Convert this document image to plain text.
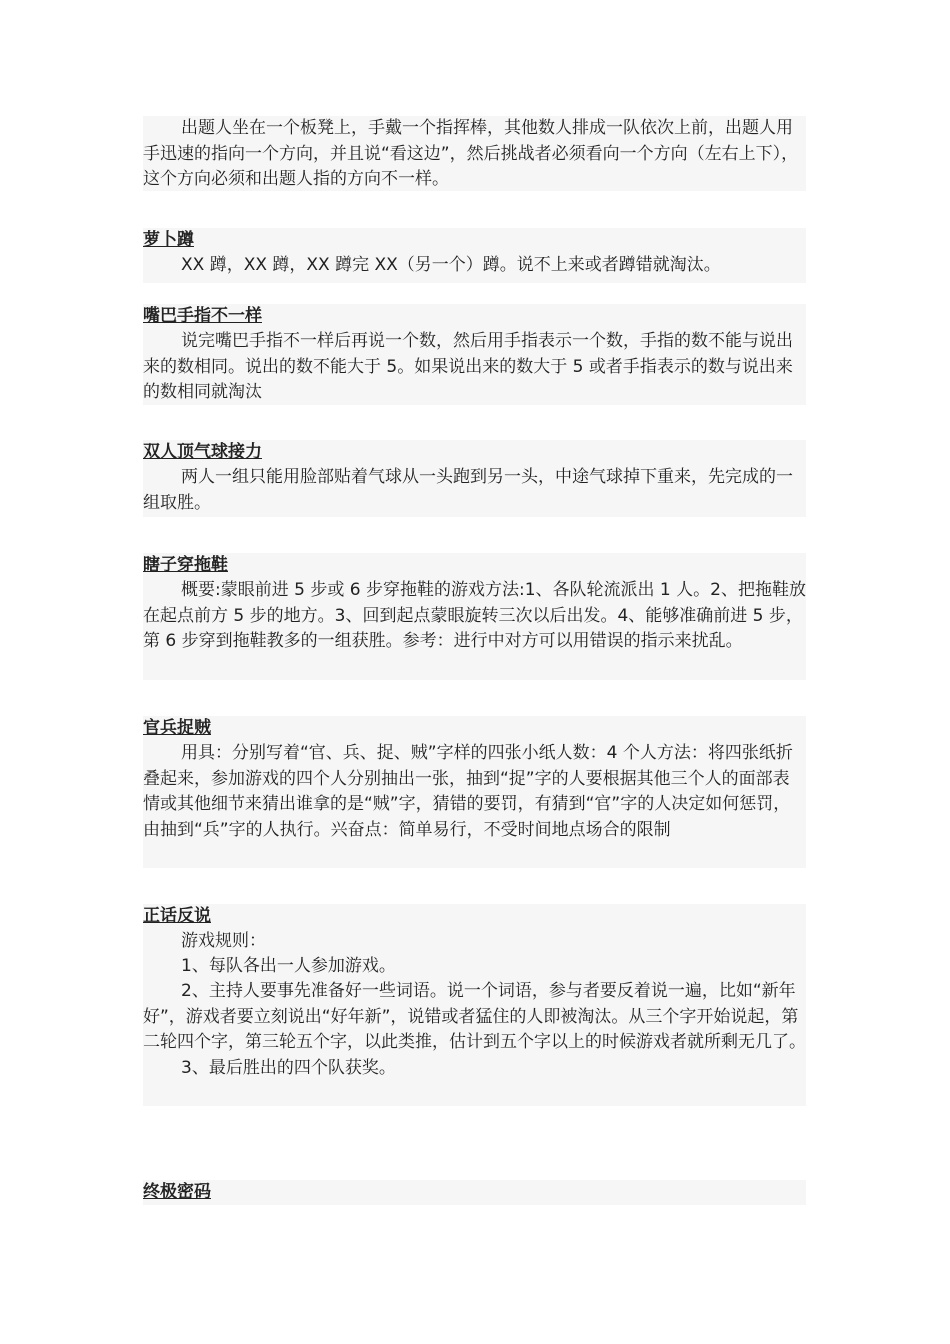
出题人坐在一个板凳上，手戴一个指挥棒，其他数人排成一队依次上前，出题人用手迅速的指向一个方向，并且说“看这边”，然后挑战者必须看向一个方向（左右上下），这个方向必须和出题人指的方向不一样。

萝卜蹲

XX 蹲，XX 蹲，XX 蹲完 XX（另一个）蹲。说不上来或者蹲错就淘汰。

嘴巴手指不一样

说完嘴巴手指不一样后再说一个数，然后用手指表示一个数，手指的数不能与说出来的数相同。说出的数不能大于 5。如果说出来的数大于 5 或者手指表示的数与说出来的数相同就淘汰

双人顶气球接力

两人一组只能用脸部贴着气球从一头跑到另一头，中途气球掉下重来，先完成的一组取胜。

瞎子穿拖鞋

概要:蒙眼前进 5 步或 6 步穿拖鞋的游戏方法:1、各队轮流派出 1 人。2、把拖鞋放在起点前方 5 步的地方。3、回到起点蒙眼旋转三次以后出发。4、能够准确前进 5 步，第 6 步穿到拖鞋教多的一组获胜。参考：进行中对方可以用错误的指示来扰乱。

官兵捉贼

用具：分别写着“官、兵、捉、贼”字样的四张小纸人数：4 个人方法：将四张纸折叠起来，参加游戏的四个人分别抽出一张，抽到“捉”字的人要根据其他三个人的面部表情或其他细节来猜出谁拿的是“贼”字，猜错的要罚，有猜到“官”字的人决定如何惩罚，由抽到“兵”字的人执行。兴奋点：简单易行，不受时间地点场合的限制

正话反说
游戏规则：
1、每队各出一人参加游戏。

2、主持人要事先准备好一些词语。说一个词语，参与者要反着说一遍，比如“新年好”，游戏者要立刻说出“好年新”，说错或者猛住的人即被淘汰。从三个字开始说起，第二轮四个字，第三轮五个字，以此类推，估计到五个字以上的时候游戏者就所剩无几了。

3、最后胜出的四个队获奖。
终极密码
